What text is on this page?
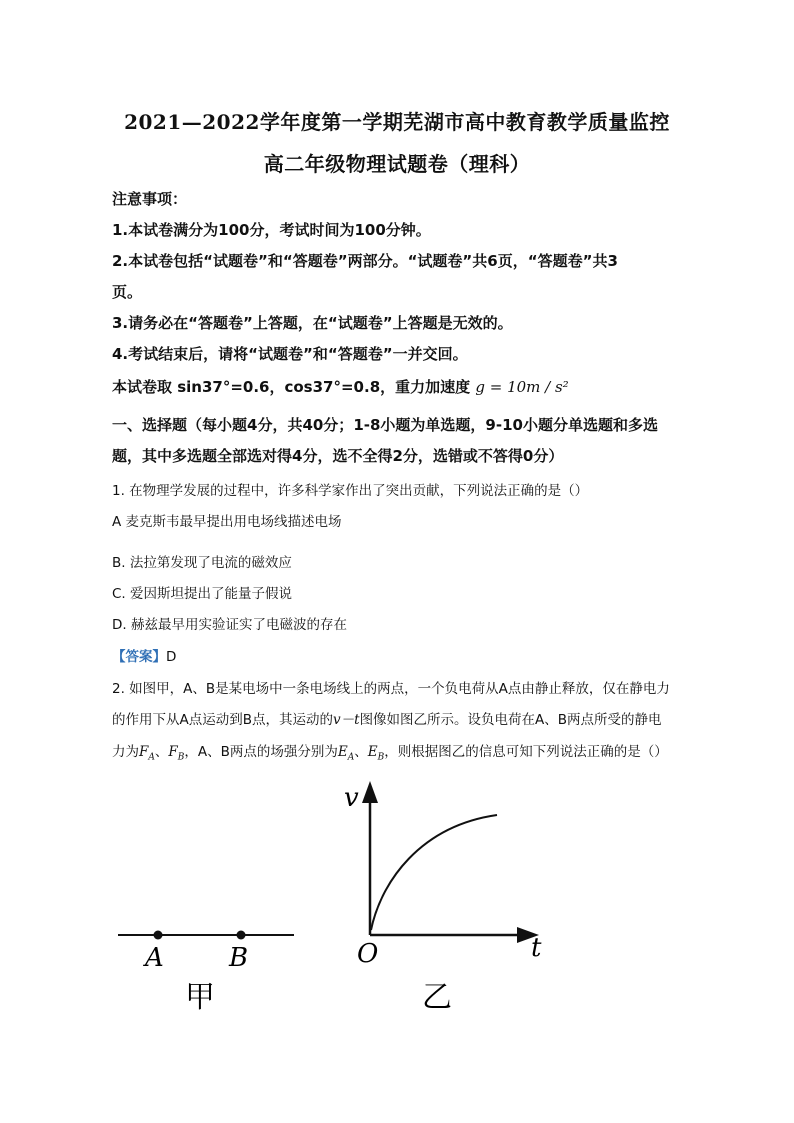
2021—2022学年度第一学期芜湖市高中教育教学质量监控
高二年级物理试题卷（理科）
注意事项：
1.本试卷满分为100分，考试时间为100分钟。
2.本试卷包括“试题卷”和“答题卷”两部分。“试题卷”共6页，“答题卷”共3
页。
3.请务必在“答题卷”上答题，在“试题卷”上答题是无效的。
4.考试结束后，请将“试题卷”和“答题卷”一并交回。
本试卷取 sin37°=0.6，cos37°=0.8，重力加速度 g = 10m / s²
一、选择题（每小题4分，共40分；1-8小题为单选题，9-10小题分单选题和多选
题，其中多选题全部选对得4分，选不全得2分，选错或不答得0分）
1. 在物理学发展的过程中，许多科学家作出了突出贡献，下列说法正确的是（）
A 麦克斯韦最早提出用电场线描述电场
B. 法拉第发现了电流的磁效应
C. 爱因斯坦提出了能量子假说
D. 赫兹最早用实验证实了电磁波的存在
【答案】D
2. 如图甲，A、B是某电场中一条电场线上的两点，一个负电荷从A点由静止释放，仅在静电力
的作用下从A点运动到B点，其运动的v－t图像如图乙所示。设负电荷在A、B两点所受的静电
力为$F_A$、$F_B$，A、B两点的场强分别为$E_A$、$E_B$，则根据图乙的信息可知下列说法正确的是（）
A	B
甲
v
t
O
乙
